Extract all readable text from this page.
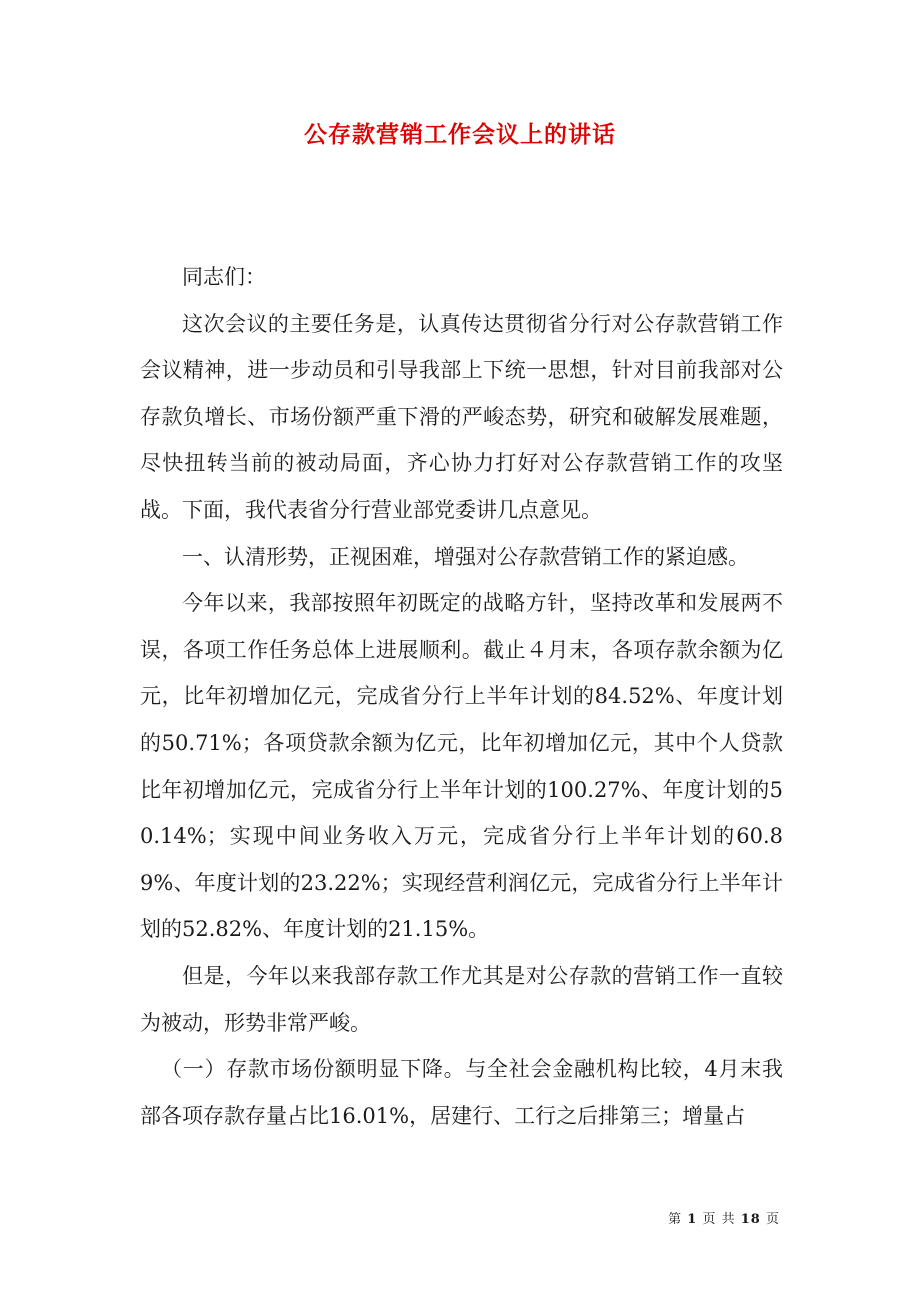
公存款营销工作会议上的讲话

同志们：

这次会议的主要任务是，认真传达贯彻省分行对公存款营销工作会议精神，进一步动员和引导我部上下统一思想，针对目前我部对公存款负增长、市场份额严重下滑的严峻态势，研究和破解发展难题，尽快扭转当前的被动局面，齐心协力打好对公存款营销工作的攻坚战。下面，我代表省分行营业部党委讲几点意见。

一、认清形势，正视困难，增强对公存款营销工作的紧迫感。

今年以来，我部按照年初既定的战略方针，坚持改革和发展两不误，各项工作任务总体上进展顺利。截止４月末，各项存款余额为亿元，比年初增加亿元，完成省分行上半年计划的84.52%、年度计划的50.71%；各项贷款余额为亿元，比年初增加亿元，其中个人贷款比年初增加亿元，完成省分行上半年计划的100.27%、年度计划的50.14%；实现中间业务收入万元，完成省分行上半年计划的60.89%、年度计划的23.22%；实现经营利润亿元，完成省分行上半年计划的52.82%、年度计划的21.15%。

但是，今年以来我部存款工作尤其是对公存款的营销工作一直较为被动，形势非常严峻。

（一）存款市场份额明显下降。与全社会金融机构比较，4月末我部各项存款存量占比16.01%，居建行、工行之后排第三；增量占

第 1 页 共 18 页
